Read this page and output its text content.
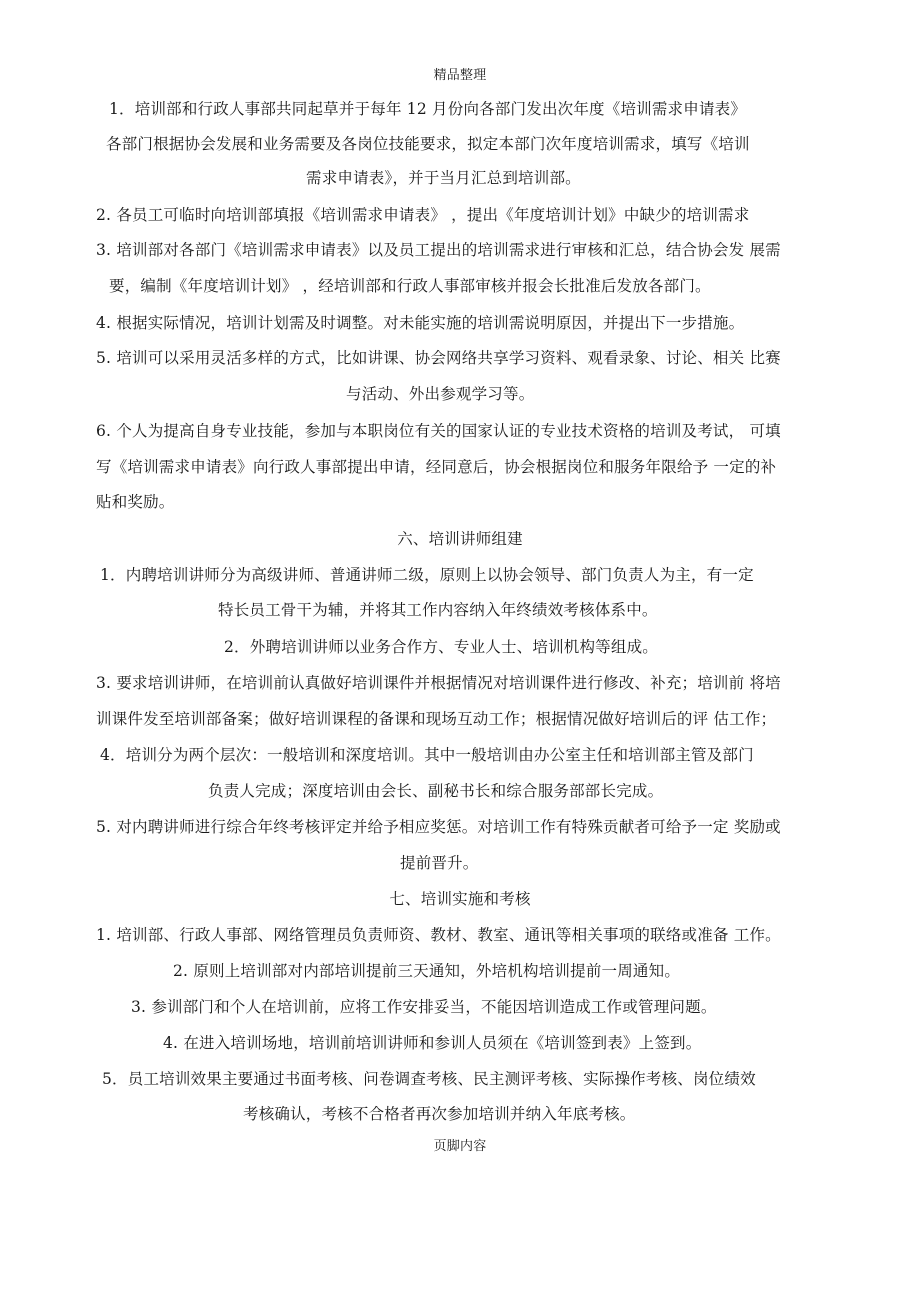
精品整理
1．培训部和行政人事部共同起草并于每年 12 月份向各部门发出次年度《培训需求申请表》
各部门根据协会发展和业务需要及各岗位技能要求，拟定本部门次年度培训需求，填写《培训
需求申请表》，并于当月汇总到培训部。
2. 各员工可临时向培训部填报《培训需求申请表》 ，提出《年度培训计划》中缺少的培训需求
3. 培训部对各部门《培训需求申请表》以及员工提出的培训需求进行审核和汇总，结合协会发 展需
要，编制《年度培训计划》 ，经培训部和行政人事部审核并报会长批准后发放各部门。
4. 根据实际情况，培训计划需及时调整。对未能实施的培训需说明原因，并提出下一步措施。
5. 培训可以采用灵活多样的方式，比如讲课、协会网络共享学习资料、观看录象、讨论、相关 比赛
与活动、外出参观学习等。
6. 个人为提高自身专业技能，参加与本职岗位有关的国家认证的专业技术资格的培训及考试， 可填
写《培训需求申请表》向行政人事部提出申请，经同意后，协会根据岗位和服务年限给予 一定的补
贴和奖励。
六、培训讲师组建
1．内聘培训讲师分为高级讲师、普通讲师二级，原则上以协会领导、部门负责人为主，有一定
特长员工骨干为辅，并将其工作内容纳入年终绩效考核体系中。
2．外聘培训讲师以业务合作方、专业人士、培训机构等组成。
3. 要求培训讲师，在培训前认真做好培训课件并根据情况对培训课件进行修改、补充；培训前 将培
训课件发至培训部备案；做好培训课程的备课和现场互动工作；根据情况做好培训后的评 估工作；
4．培训分为两个层次：一般培训和深度培训。其中一般培训由办公室主任和培训部主管及部门
负责人完成；深度培训由会长、副秘书长和综合服务部部长完成。
5. 对内聘讲师进行综合年终考核评定并给予相应奖惩。对培训工作有特殊贡献者可给予一定 奖励或
提前晋升。
七、培训实施和考核
1. 培训部、行政人事部、网络管理员负责师资、教材、教室、通讯等相关事项的联络或准备 工作。
2. 原则上培训部对内部培训提前三天通知，外培机构培训提前一周通知。
3. 参训部门和个人在培训前，应将工作安排妥当，不能因培训造成工作或管理问题。
4. 在进入培训场地，培训前培训讲师和参训人员须在《培训签到表》上签到。
5．员工培训效果主要通过书面考核、问卷调查考核、民主测评考核、实际操作考核、岗位绩效
考核确认，考核不合格者再次参加培训并纳入年底考核。
页脚内容
